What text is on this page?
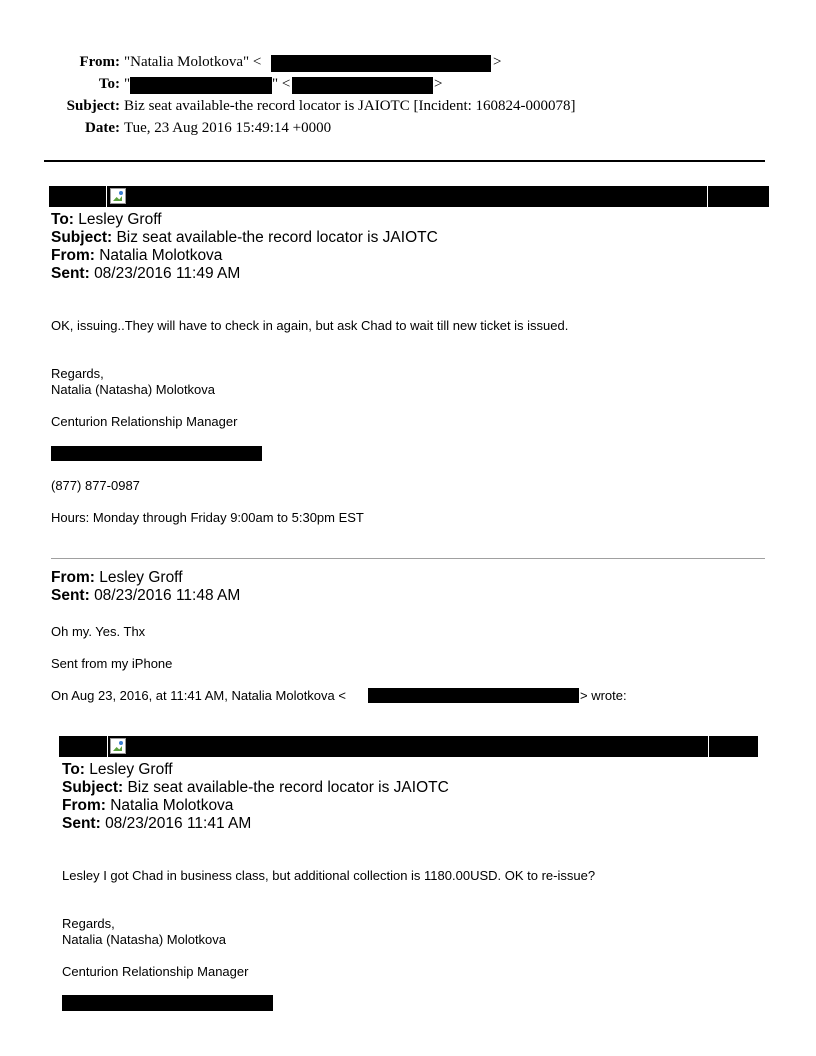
From: "Natalia Molotkova" <	>
To: "	" <	>
Subject: Biz seat available-the record locator is JAIOTC [Incident: 160824-000078]
Date: Tue, 23 Aug 2016 15:49:14 +0000
To: Lesley Groff
Subject: Biz seat available-the record locator is JAIOTC
From: Natalia Molotkova
Sent: 08/23/2016 11:49 AM
OK, issuing..They will have to check in again, but ask Chad to wait till new ticket is issued.
Regards,
Natalia (Natasha) Molotkova
Centurion Relationship Manager
(877) 877-0987
Hours: Monday through Friday 9:00am to 5:30pm EST
From: Lesley Groff
Sent: 08/23/2016 11:48 AM
Oh my. Yes. Thx
Sent from my iPhone
On Aug 23, 2016, at 11:41 AM, Natalia Molotkova <	> wrote:
To: Lesley Groff
Subject: Biz seat available-the record locator is JAIOTC
From: Natalia Molotkova
Sent: 08/23/2016 11:41 AM
Lesley I got Chad in business class, but additional collection is 1180.00USD. OK to re-issue?
Regards,
Natalia (Natasha) Molotkova
Centurion Relationship Manager
